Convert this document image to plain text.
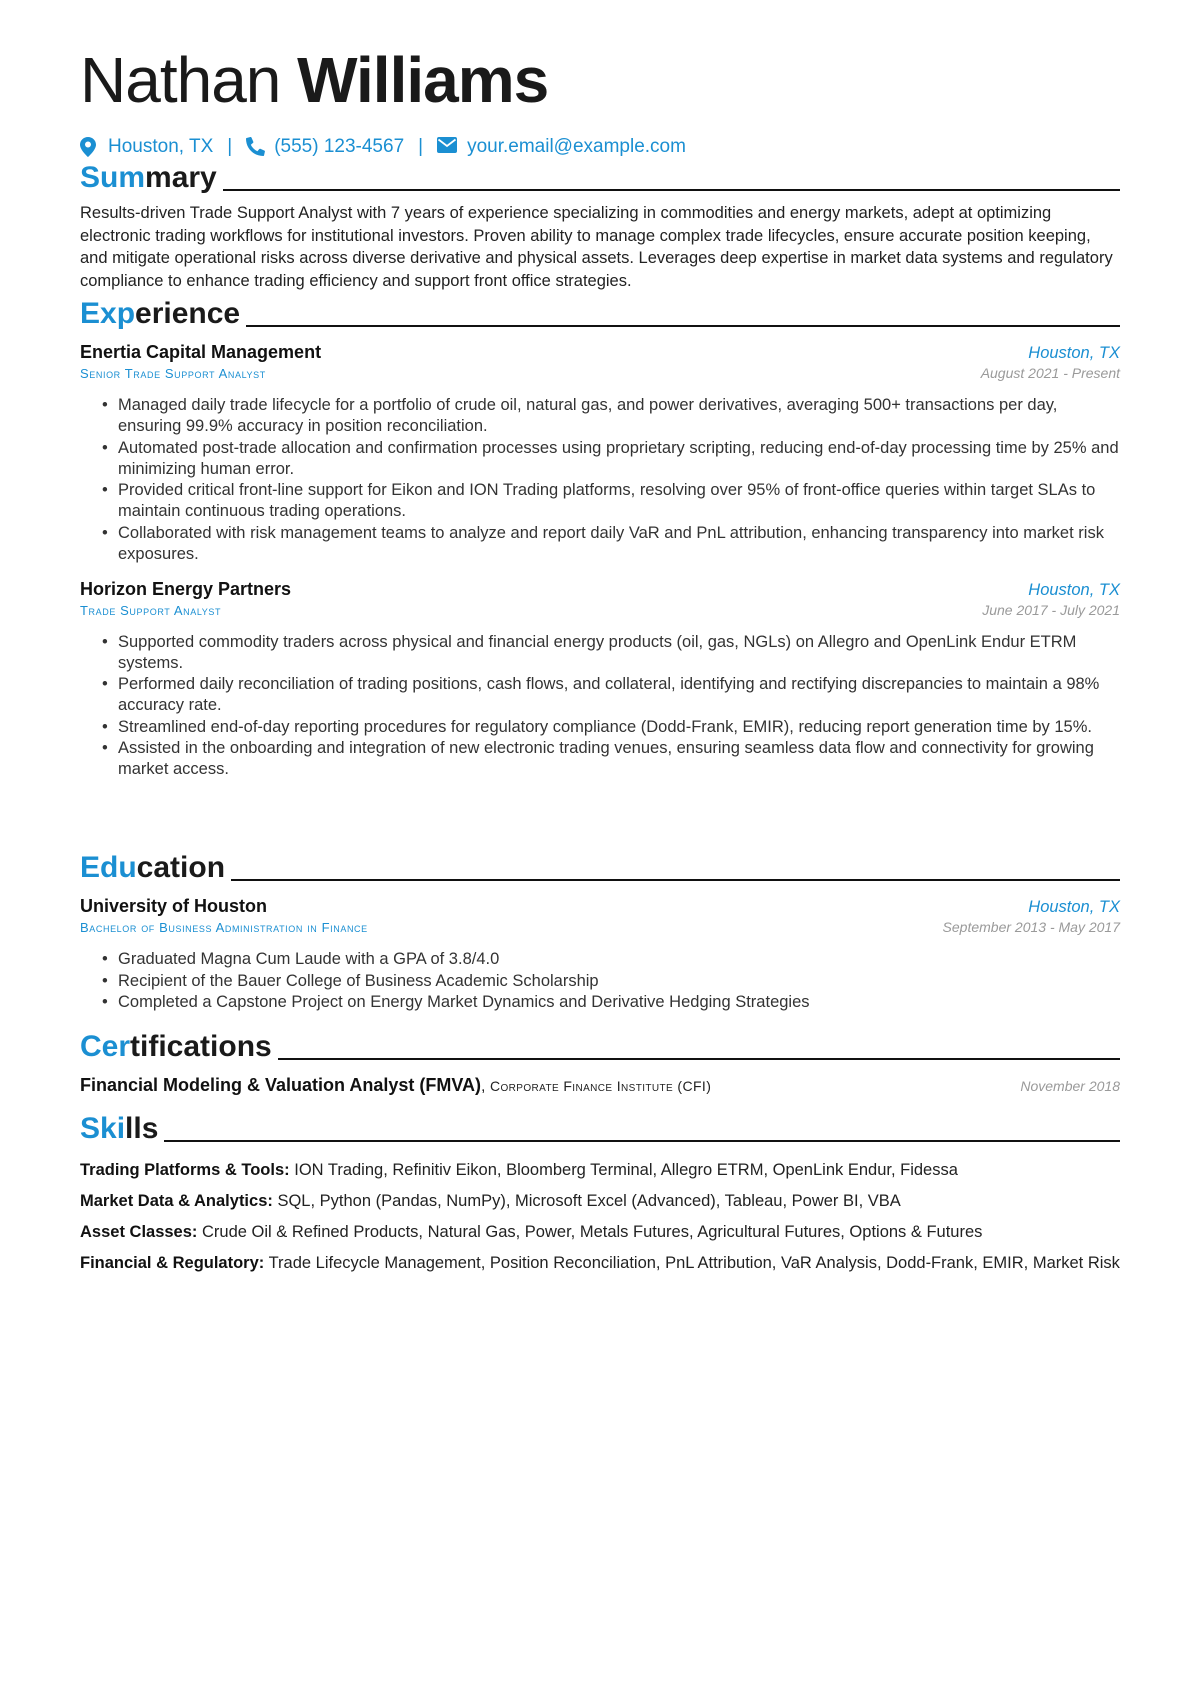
Nathan Williams
Houston, TX | (555) 123-4567 | your.email@example.com
Summary
Results-driven Trade Support Analyst with 7 years of experience specializing in commodities and energy markets, adept at optimizing electronic trading workflows for institutional investors. Proven ability to manage complex trade lifecycles, ensure accurate position keeping, and mitigate operational risks across diverse derivative and physical assets. Leverages deep expertise in market data systems and regulatory compliance to enhance trading efficiency and support front office strategies.
Experience
Enertia Capital Management	Houston, TX
Senior Trade Support Analyst	August 2021 - Present
• Managed daily trade lifecycle for a portfolio of crude oil, natural gas, and power derivatives, averaging 500+ transactions per day, ensuring 99.9% accuracy in position reconciliation.
• Automated post-trade allocation and confirmation processes using proprietary scripting, reducing end-of-day processing time by 25% and minimizing human error.
• Provided critical front-line support for Eikon and ION Trading platforms, resolving over 95% of front-office queries within target SLAs to maintain continuous trading operations.
• Collaborated with risk management teams to analyze and report daily VaR and PnL attribution, enhancing transparency into market risk exposures.
Horizon Energy Partners	Houston, TX
Trade Support Analyst	June 2017 - July 2021
• Supported commodity traders across physical and financial energy products (oil, gas, NGLs) on Allegro and OpenLink Endur ETRM systems.
• Performed daily reconciliation of trading positions, cash flows, and collateral, identifying and rectifying discrepancies to maintain a 98% accuracy rate.
• Streamlined end-of-day reporting procedures for regulatory compliance (Dodd-Frank, EMIR), reducing report generation time by 15%.
• Assisted in the onboarding and integration of new electronic trading venues, ensuring seamless data flow and connectivity for growing market access.
Education
University of Houston	Houston, TX
Bachelor of Business Administration in Finance	September 2013 - May 2017
• Graduated Magna Cum Laude with a GPA of 3.8/4.0
• Recipient of the Bauer College of Business Academic Scholarship
• Completed a Capstone Project on Energy Market Dynamics and Derivative Hedging Strategies
Certifications
Financial Modeling & Valuation Analyst (FMVA), Corporate Finance Institute (CFI)	November 2018
Skills
Trading Platforms & Tools: ION Trading, Refinitiv Eikon, Bloomberg Terminal, Allegro ETRM, OpenLink Endur, Fidessa
Market Data & Analytics: SQL, Python (Pandas, NumPy), Microsoft Excel (Advanced), Tableau, Power BI, VBA
Asset Classes: Crude Oil & Refined Products, Natural Gas, Power, Metals Futures, Agricultural Futures, Options & Futures
Financial & Regulatory: Trade Lifecycle Management, Position Reconciliation, PnL Attribution, VaR Analysis, Dodd-Frank, EMIR, Market Risk
